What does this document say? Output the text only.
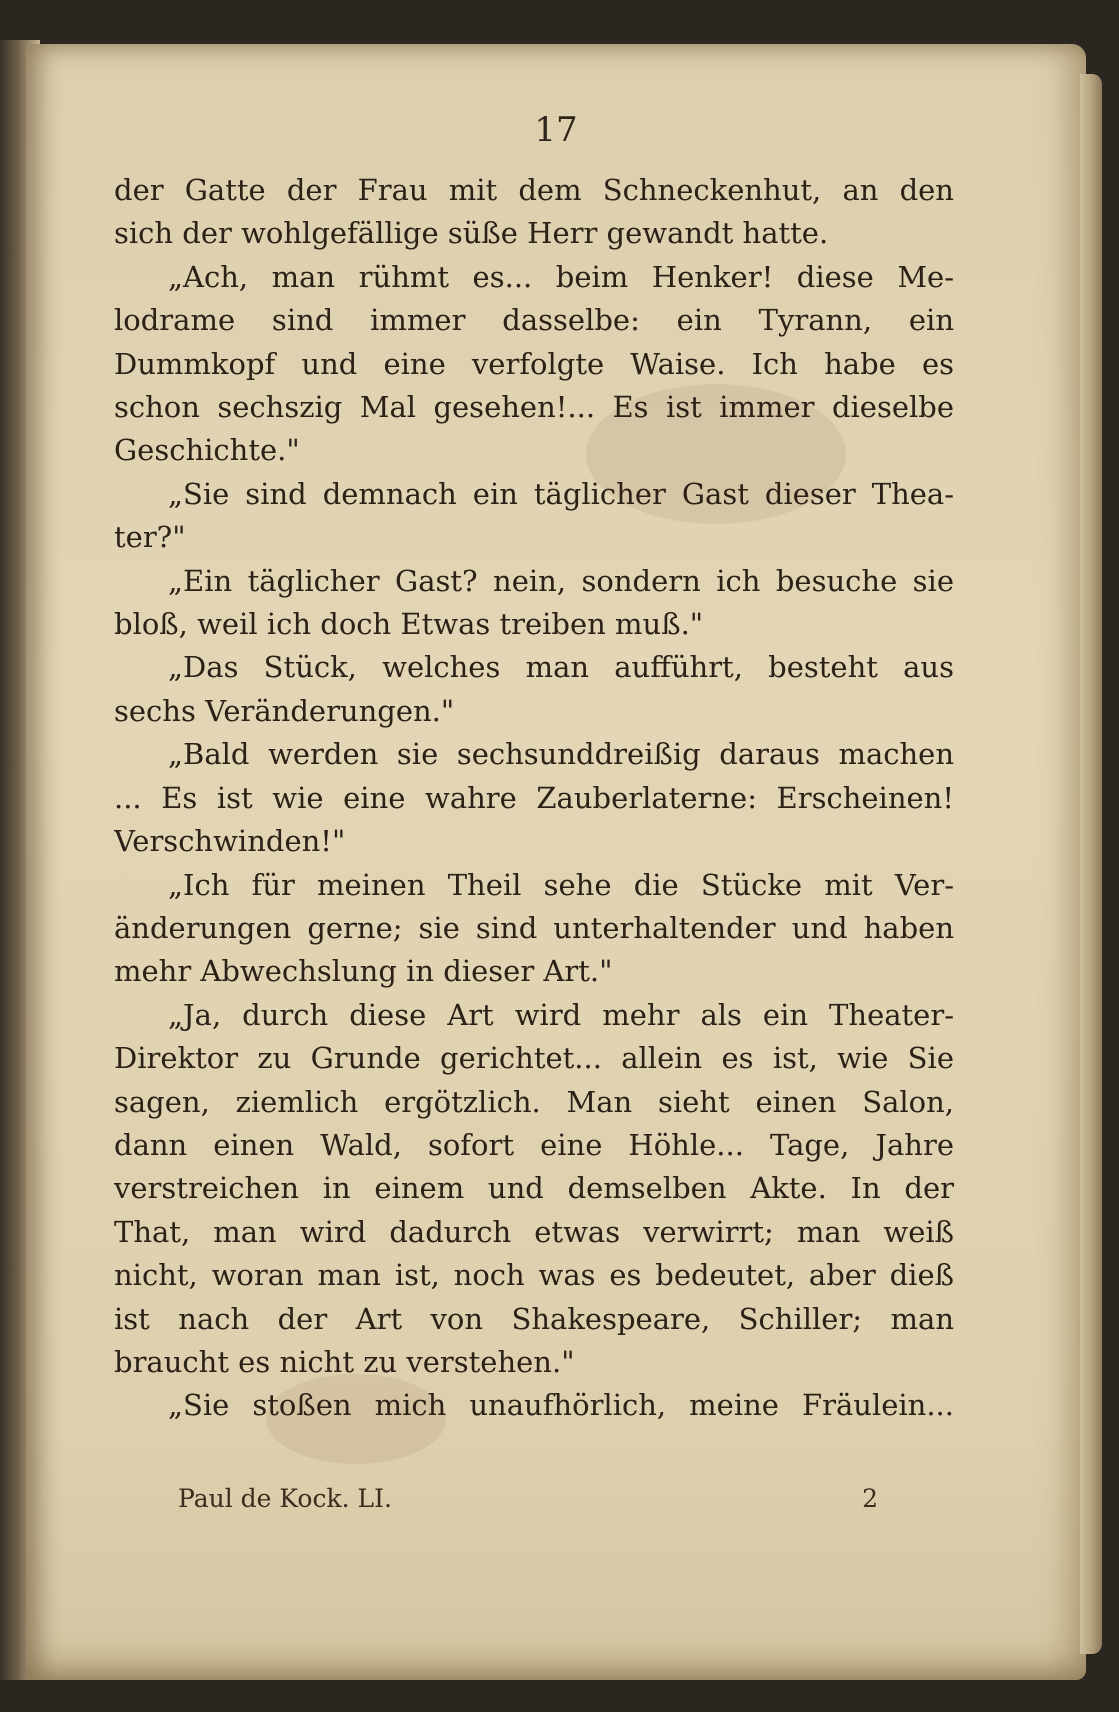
17
der Gatte der Frau mit dem Schneckenhut, an den
sich der wohlgefällige süße Herr gewandt hatte.
„Ach, man rühmt es... beim Henker! diese Me-
lodrame sind immer dasselbe: ein Tyrann, ein
Dummkopf und eine verfolgte Waise. Ich habe es
schon sechszig Mal gesehen!... Es ist immer dieselbe
Geschichte."
„Sie sind demnach ein täglicher Gast dieser Thea-
ter?"
„Ein täglicher Gast? nein, sondern ich besuche sie
bloß, weil ich doch Etwas treiben muß."
„Das Stück, welches man aufführt, besteht aus
sechs Veränderungen."
„Bald werden sie sechsunddreißig daraus machen
... Es ist wie eine wahre Zauberlaterne: Erscheinen!
Verschwinden!"
„Ich für meinen Theil sehe die Stücke mit Ver-
änderungen gerne; sie sind unterhaltender und haben
mehr Abwechslung in dieser Art."
„Ja, durch diese Art wird mehr als ein Theater-
Direktor zu Grunde gerichtet... allein es ist, wie Sie
sagen, ziemlich ergötzlich. Man sieht einen Salon,
dann einen Wald, sofort eine Höhle... Tage, Jahre
verstreichen in einem und demselben Akte. In der
That, man wird dadurch etwas verwirrt; man weiß
nicht, woran man ist, noch was es bedeutet, aber dieß
ist nach der Art von Shakespeare, Schiller; man
braucht es nicht zu verstehen."
„Sie stoßen mich unaufhörlich, meine Fräulein...
Paul de Kock. LI.	2
